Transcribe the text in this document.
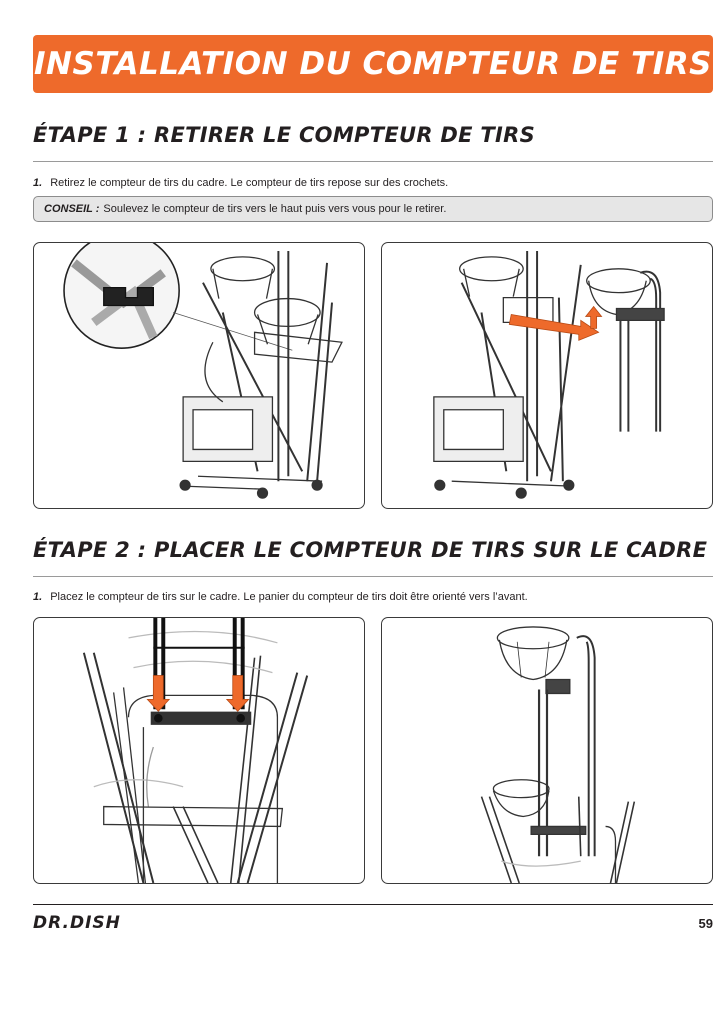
INSTALLATION DU COMPTEUR DE TIRS
ÉTAPE 1 : RETIRER LE COMPTEUR DE TIRS
1. Retirez le compteur de tirs du cadre. Le compteur de tirs repose sur des crochets.
CONSEIL : Soulevez le compteur de tirs vers le haut puis vers vous pour le retirer.
ÉTAPE 2 : PLACER LE COMPTEUR DE TIRS SUR LE CADRE
1. Placez le compteur de tirs sur le cadre. Le panier du compteur de tirs doit être orienté vers l’avant.
DR.DISH	59
